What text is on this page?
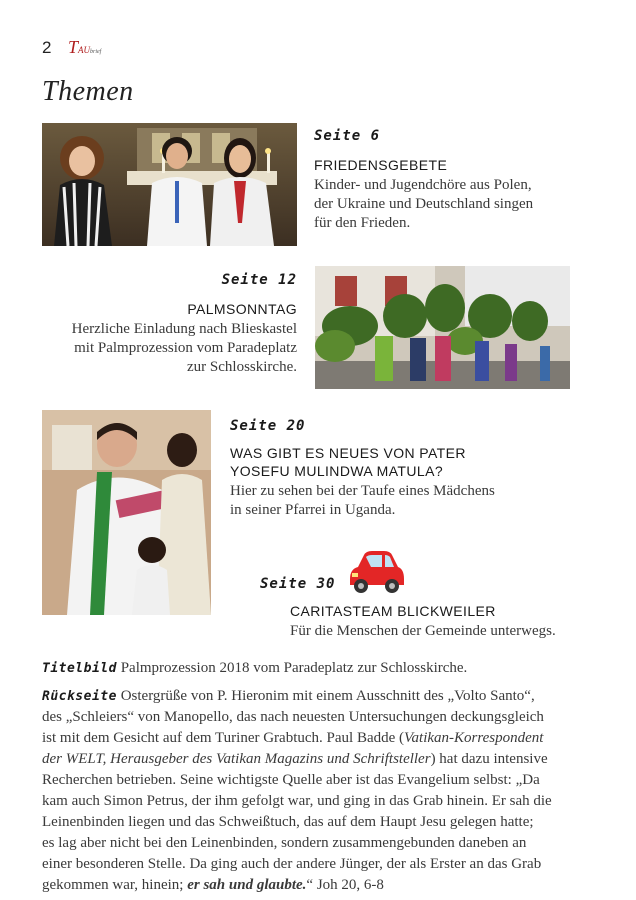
2 TAUbrief
Themen
Seite 6
FRIEDENSGEBETE
Kinder- und Jugendchöre aus Polen,
der Ukraine und Deutschland singen
für den Frieden.
Seite 12
PALMSONNTAG
Herzliche Einladung nach Blieskastel
mit Palmprozession vom Paradeplatz
zur Schlosskirche.
Seite 20
WAS GIBT ES NEUES VON PATER
YOSEFU MULINDWA MATULA?
Hier zu sehen bei der Taufe eines Mädchens
in seiner Pfarrei in Uganda.
Seite 30
CARITASTEAM BLICKWEILER
Für die Menschen der Gemeinde unterwegs.
Titelbild Palmprozession 2018 vom Paradeplatz zur Schlosskirche.
Rückseite Ostergrüße von P. Hieronim mit einem Ausschnitt des „Volto Santo“,
des „Schleiers“ von Manopello, das nach neuesten Untersuchungen deckungsgleich
ist mit dem Gesicht auf dem Turiner Grabtuch. Paul Badde (Vatikan-Korrespondent
der WELT, Herausgeber des Vatikan Magazins und Schriftsteller) hat dazu intensive
Recherchen betrieben. Seine wichtigste Quelle aber ist das Evangelium selbst: „Da
kam auch Simon Petrus, der ihm gefolgt war, und ging in das Grab hinein. Er sah die
Leinenbinden liegen und das Schweißtuch, das auf dem Haupt Jesu gelegen hatte;
es lag aber nicht bei den Leinenbinden, sondern zusammengebunden daneben an
einer besonderen Stelle. Da ging auch der andere Jünger, der als Erster an das Grab
gekommen war, hinein; er sah und glaubte.“ Joh 20, 6-8
